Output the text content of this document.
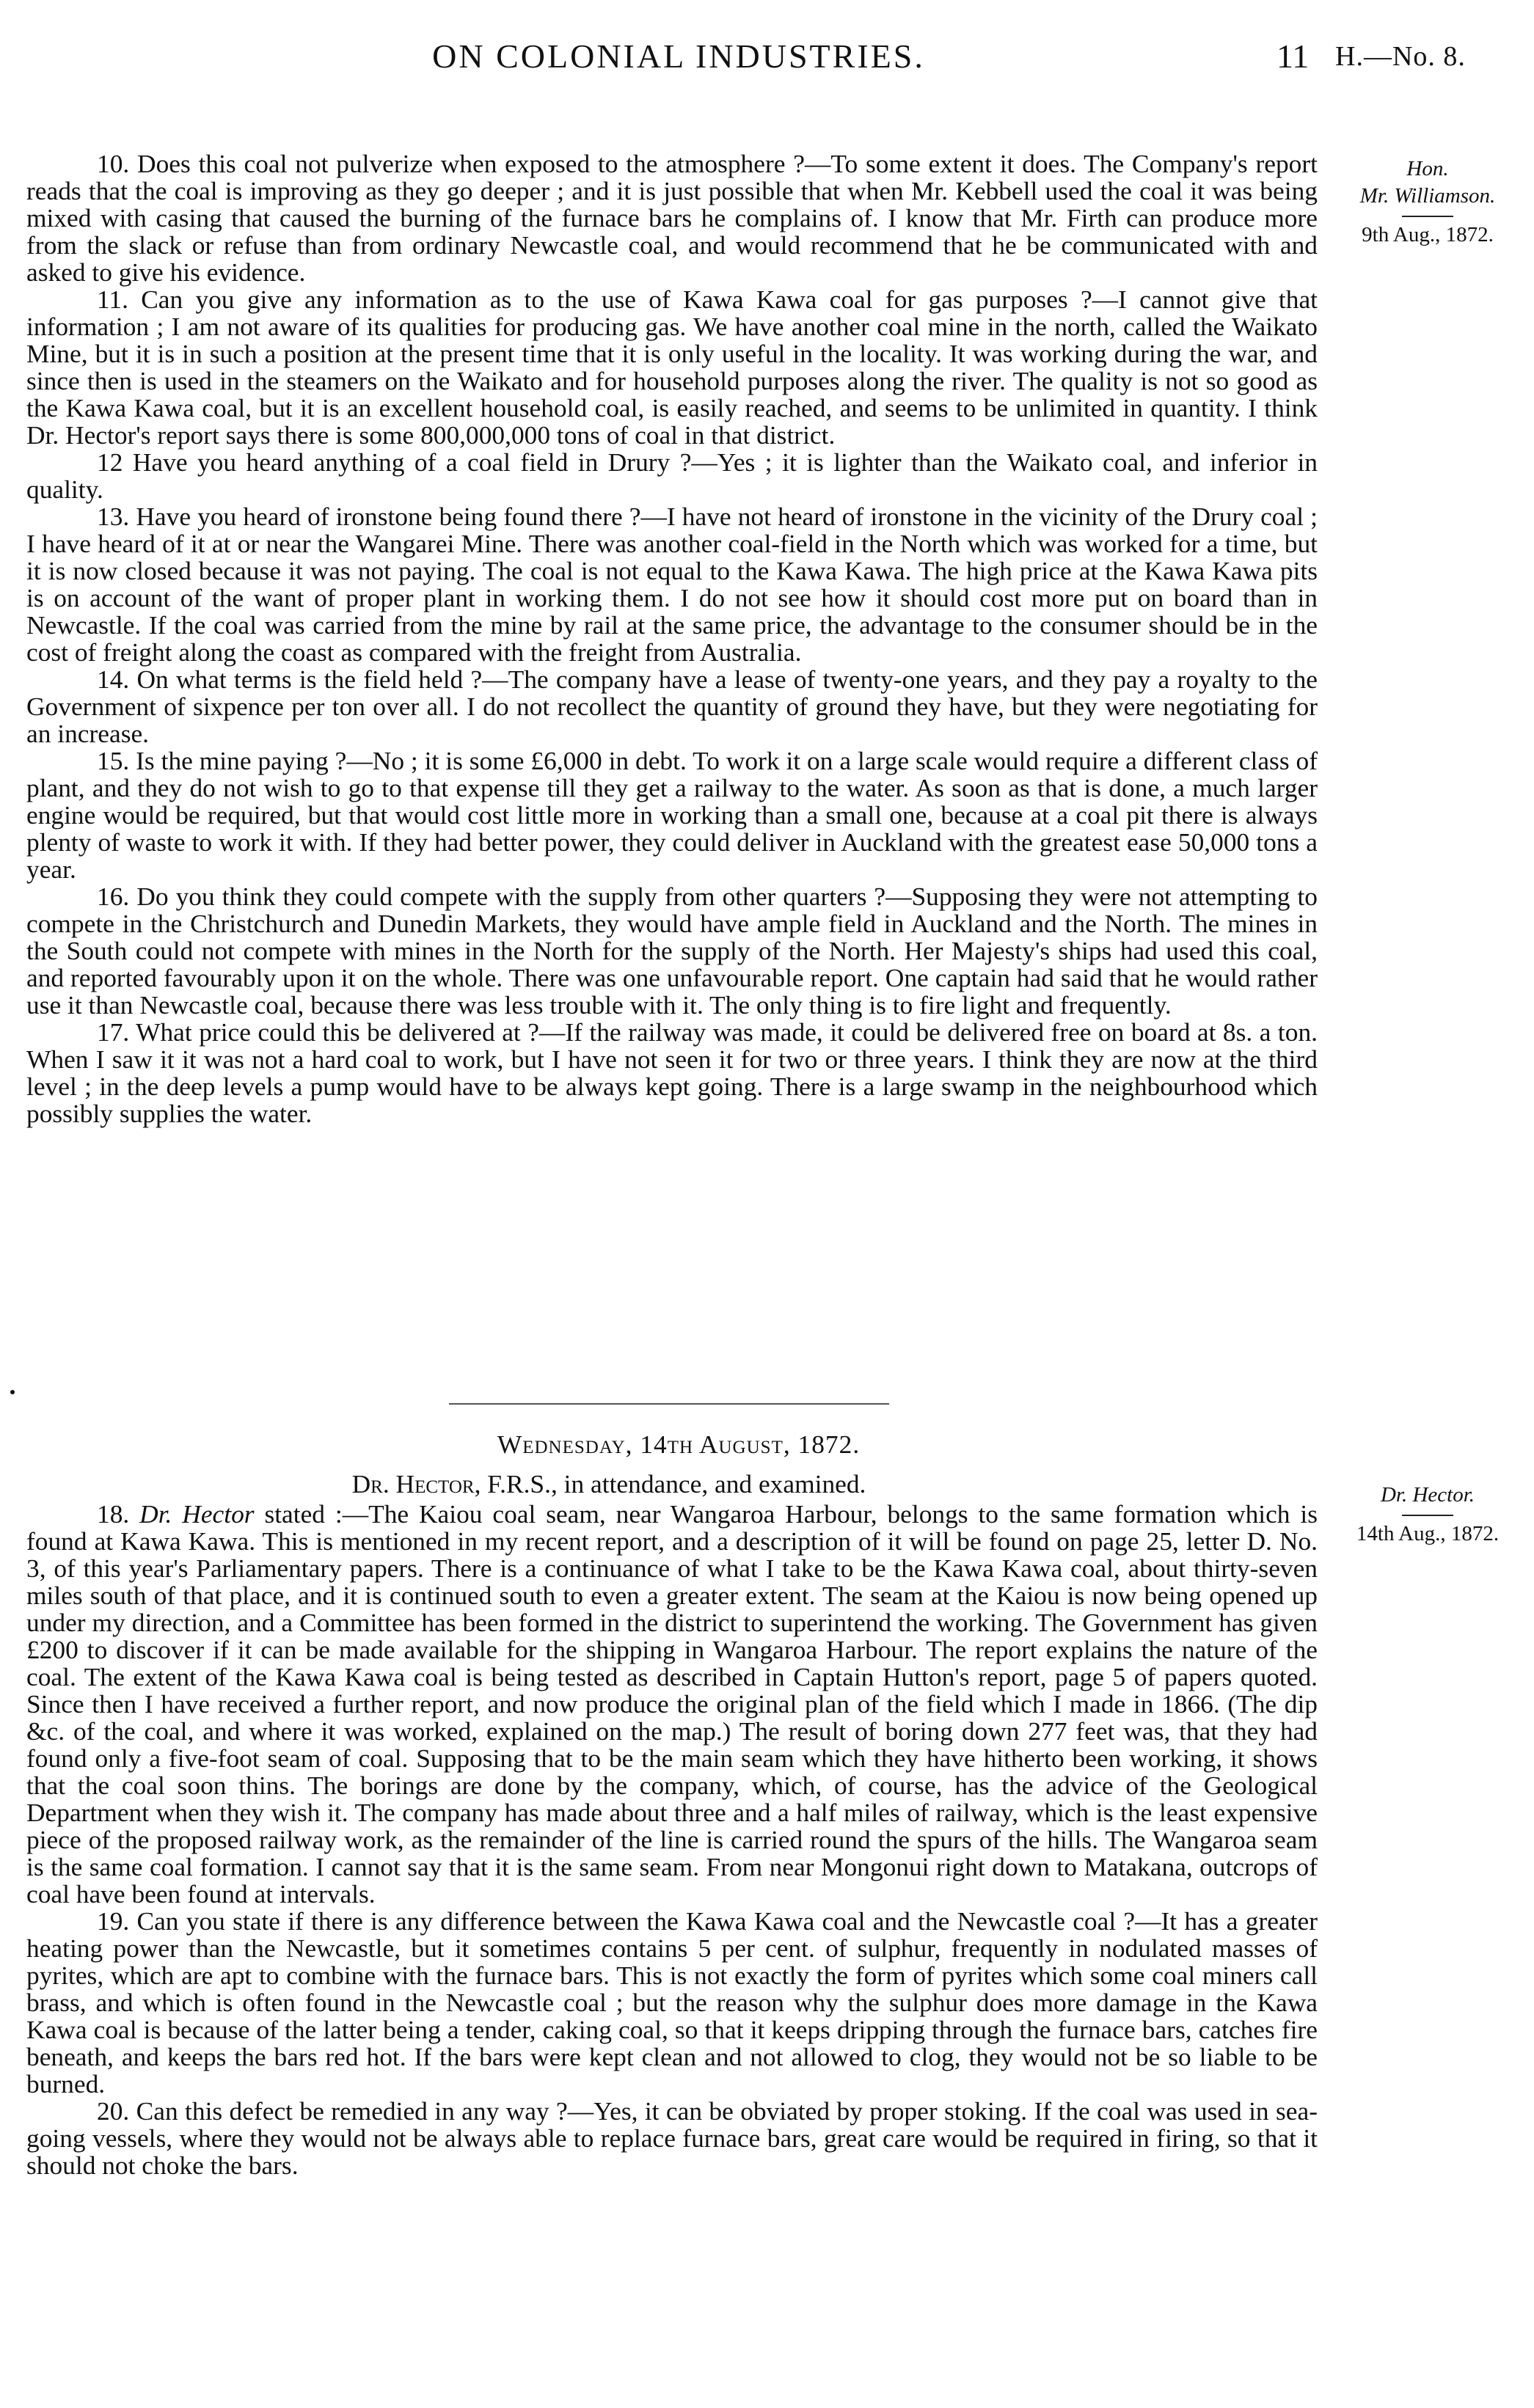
ON COLONIAL INDUSTRIES.	11 H.—No. 8.
Hon.
Mr. Williamson.
9th Aug., 1872.
Dr. Hector.
14th Aug., 1872.

10. Does this coal not pulverize when exposed to the atmosphere ?—To some extent it does. The Company's report reads that the coal is improving as they go deeper ; and it is just possible that when Mr. Kebbell used the coal it was being mixed with casing that caused the burning of the furnace bars he complains of. I know that Mr. Firth can produce more from the slack or refuse than from ordinary Newcastle coal, and would recommend that he be communicated with and asked to give his evidence.

11. Can you give any information as to the use of Kawa Kawa coal for gas purposes ?—I cannot give that information ; I am not aware of its qualities for producing gas. We have another coal mine in the north, called the Waikato Mine, but it is in such a position at the present time that it is only useful in the locality. It was working during the war, and since then is used in the steamers on the Waikato and for household purposes along the river. The quality is not so good as the Kawa Kawa coal, but it is an excellent household coal, is easily reached, and seems to be unlimited in quantity. I think Dr. Hector's report says there is some 800,000,000 tons of coal in that district.

12 Have you heard anything of a coal field in Drury ?—Yes ; it is lighter than the Waikato coal, and inferior in quality.

13. Have you heard of ironstone being found there ?—I have not heard of ironstone in the vicinity of the Drury coal ; I have heard of it at or near the Wangarei Mine. There was another coal-field in the North which was worked for a time, but it is now closed because it was not paying. The coal is not equal to the Kawa Kawa. The high price at the Kawa Kawa pits is on account of the want of proper plant in working them. I do not see how it should cost more put on board than in Newcastle. If the coal was carried from the mine by rail at the same price, the advantage to the consumer should be in the cost of freight along the coast as compared with the freight from Australia.

14. On what terms is the field held ?—The company have a lease of twenty-one years, and they pay a royalty to the Government of sixpence per ton over all. I do not recollect the quantity of ground they have, but they were negotiating for an increase.

15. Is the mine paying ?—No ; it is some £6,000 in debt. To work it on a large scale would require a different class of plant, and they do not wish to go to that expense till they get a railway to the water. As soon as that is done, a much larger engine would be required, but that would cost little more in working than a small one, because at a coal pit there is always plenty of waste to work it with. If they had better power, they could deliver in Auckland with the greatest ease 50,000 tons a year.

16. Do you think they could compete with the supply from other quarters ?—Supposing they were not attempting to compete in the Christchurch and Dunedin Markets, they would have ample field in Auckland and the North. The mines in the South could not compete with mines in the North for the supply of the North. Her Majesty's ships had used this coal, and reported favourably upon it on the whole. There was one unfavourable report. One captain had said that he would rather use it than Newcastle coal, because there was less trouble with it. The only thing is to fire light and frequently.

17. What price could this be delivered at ?—If the railway was made, it could be delivered free on board at 8s. a ton. When I saw it it was not a hard coal to work, but I have not seen it for two or three years. I think they are now at the third level ; in the deep levels a pump would have to be always kept going. There is a large swamp in the neighbourhood which possibly supplies the water.

Wednesday, 14th August, 1872.
Dr. Hector, F.R.S., in attendance, and examined.

18. Dr. Hector stated :—The Kaiou coal seam, near Wangaroa Harbour, belongs to the same formation which is found at Kawa Kawa. This is mentioned in my recent report, and a description of it will be found on page 25, letter D. No. 3, of this year's Parliamentary papers. There is a continuance of what I take to be the Kawa Kawa coal, about thirty-seven miles south of that place, and it is continued south to even a greater extent. The seam at the Kaiou is now being opened up under my direction, and a Committee has been formed in the district to superintend the working. The Government has given £200 to discover if it can be made available for the shipping in Wangaroa Harbour. The report explains the nature of the coal. The extent of the Kawa Kawa coal is being tested as described in Captain Hutton's report, page 5 of papers quoted. Since then I have received a further report, and now produce the original plan of the field which I made in 1866. (The dip &c. of the coal, and where it was worked, explained on the map.) The result of boring down 277 feet was, that they had found only a five-foot seam of coal. Supposing that to be the main seam which they have hitherto been working, it shows that the coal soon thins. The borings are done by the company, which, of course, has the advice of the Geological Department when they wish it. The company has made about three and a half miles of railway, which is the least expensive piece of the proposed railway work, as the remainder of the line is carried round the spurs of the hills. The Wangaroa seam is the same coal formation. I cannot say that it is the same seam. From near Mongonui right down to Matakana, outcrops of coal have been found at intervals.

19. Can you state if there is any difference between the Kawa Kawa coal and the Newcastle coal ?—It has a greater heating power than the Newcastle, but it sometimes contains 5 per cent. of sulphur, frequently in nodulated masses of pyrites, which are apt to combine with the furnace bars. This is not exactly the form of pyrites which some coal miners call brass, and which is often found in the Newcastle coal ; but the reason why the sulphur does more damage in the Kawa Kawa coal is because of the latter being a tender, caking coal, so that it keeps dripping through the furnace bars, catches fire beneath, and keeps the bars red hot. If the bars were kept clean and not allowed to clog, they would not be so liable to be burned.

20. Can this defect be remedied in any way ?—Yes, it can be obviated by proper stoking. If the coal was used in sea-going vessels, where they would not be always able to replace furnace bars, great care would be required in firing, so that it should not choke the bars.
